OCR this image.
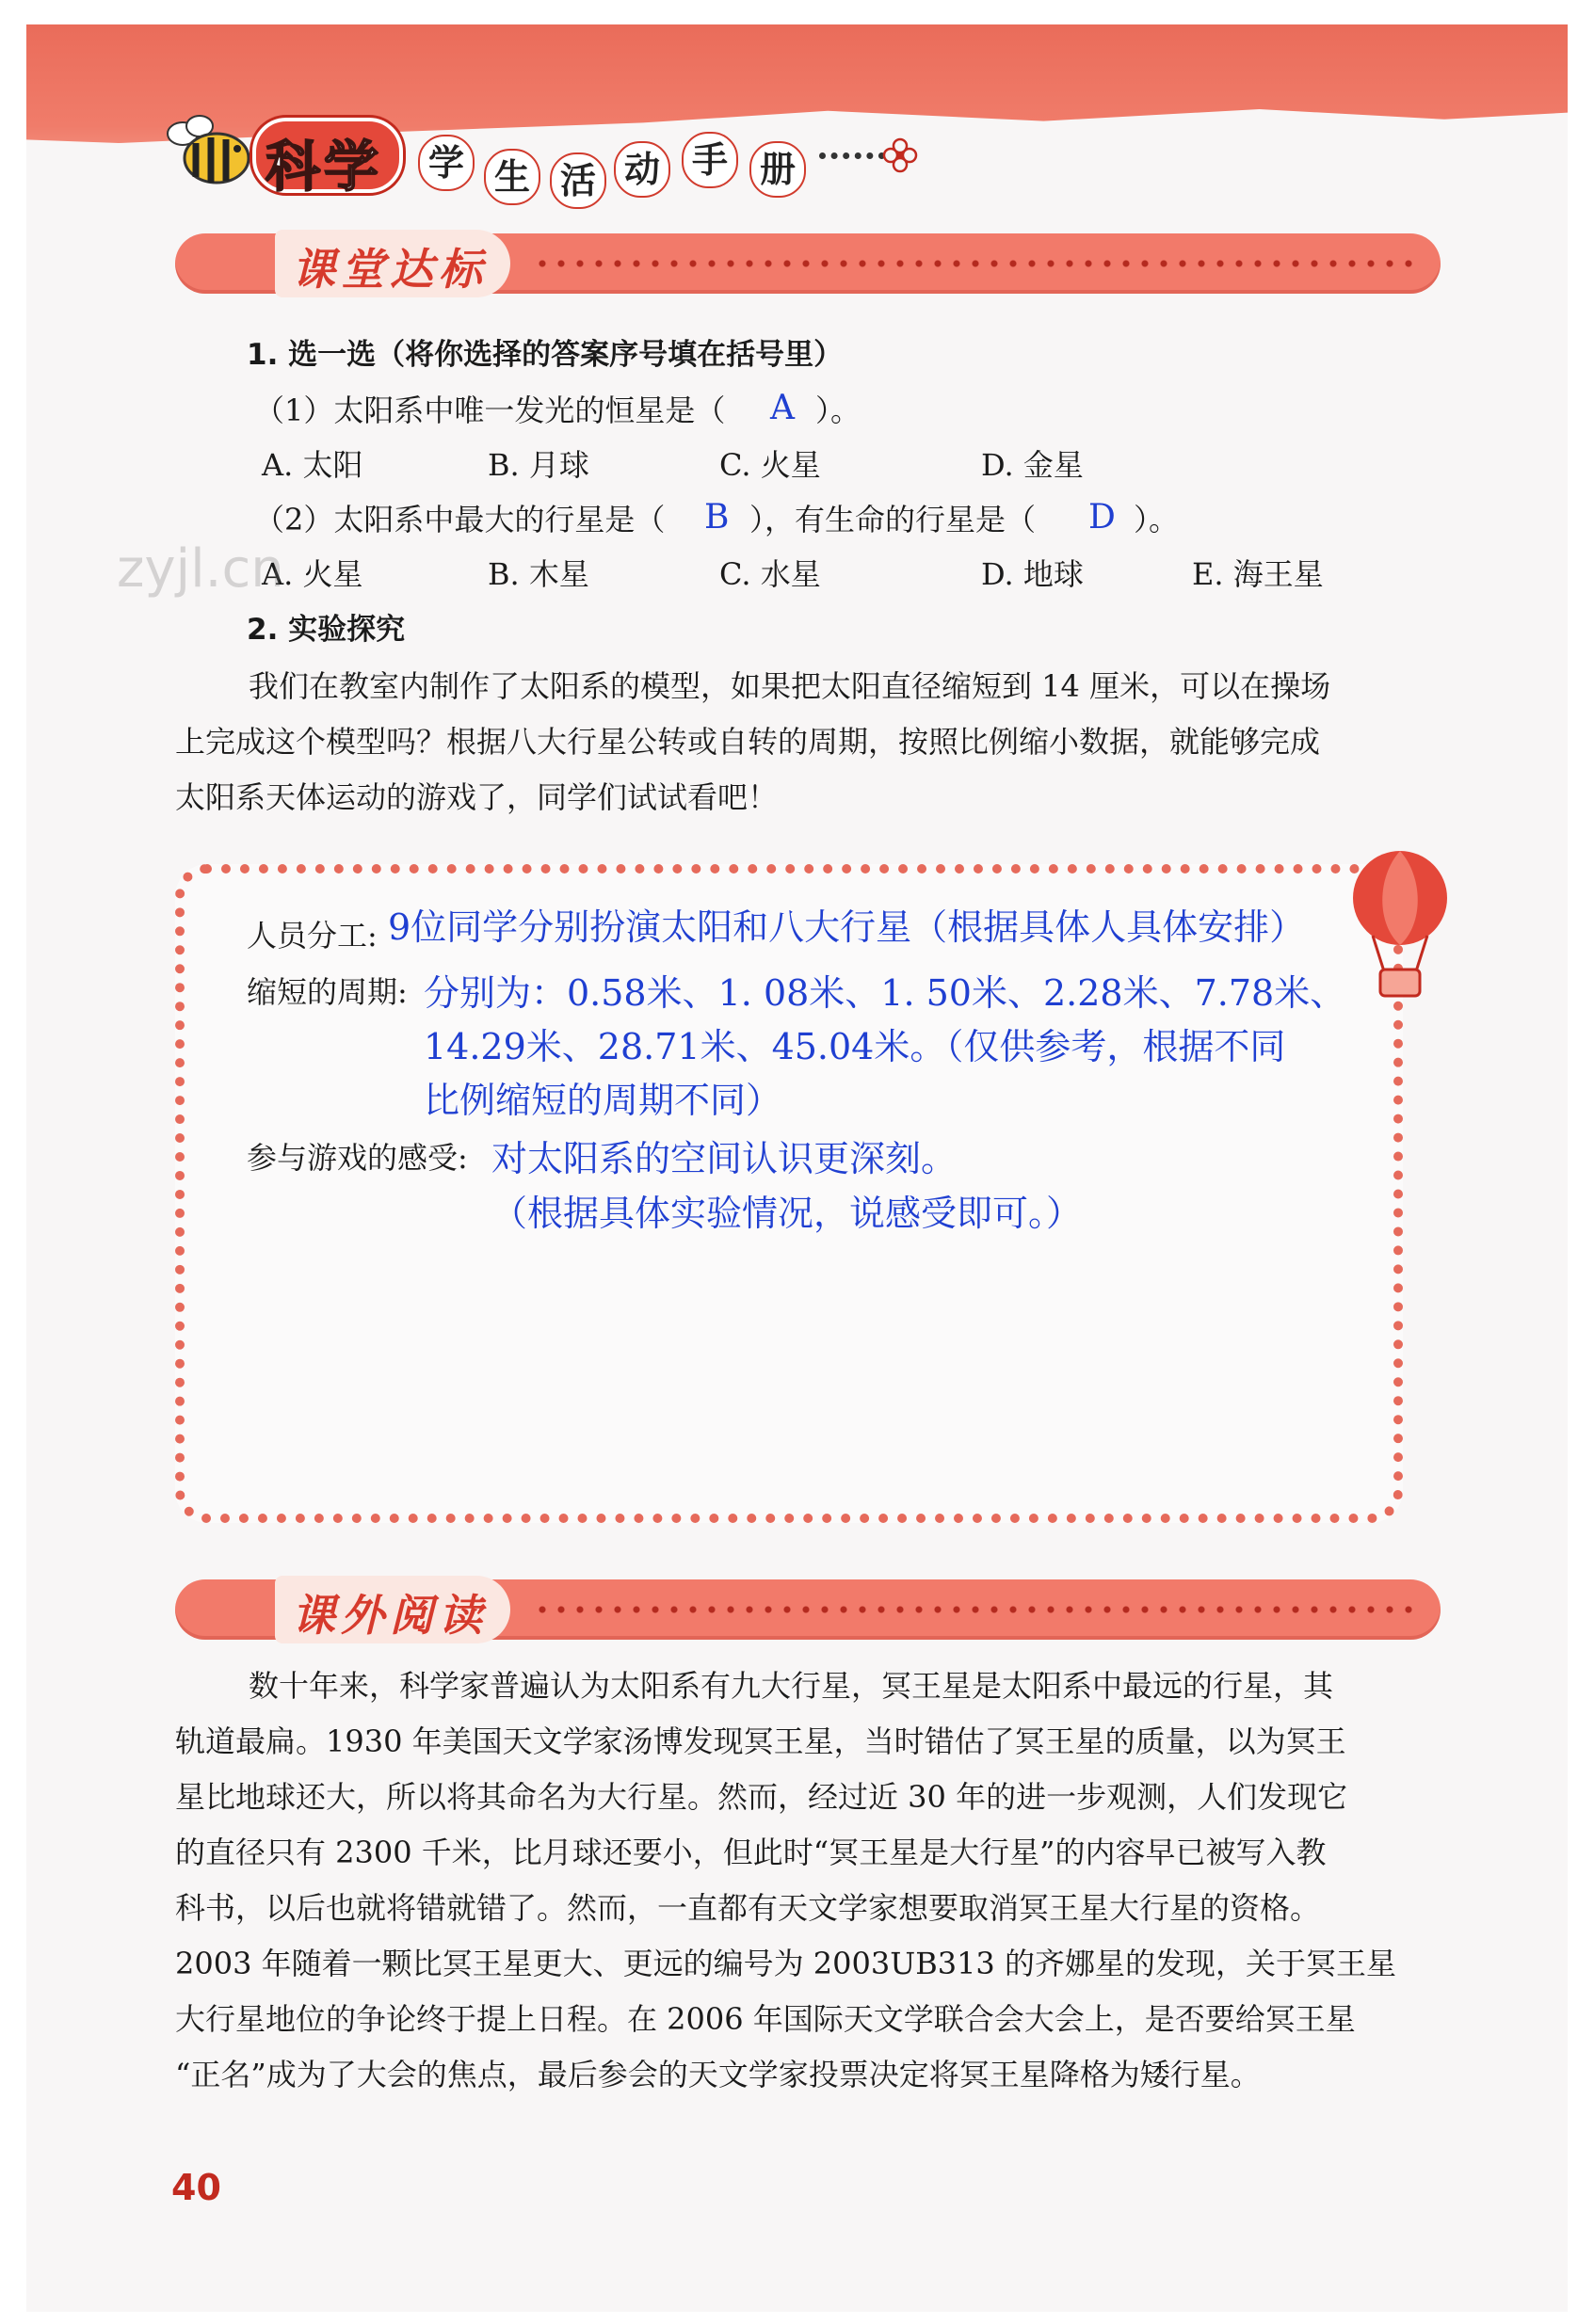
科学 学 生 活 动 手 册
课堂达标
1. 选一选（将你选择的答案序号填在括号里）
（1）太阳系中唯一发光的恒星是（ A ）。
A. 太阳	B. 月球	C. 火星	D. 金星
（2）太阳系中最大的行星是（ B ），有生命的行星是（ D ）。
A. 火星	B. 木星	C. 水星	D. 地球	E. 海王星
zyjl.cn
2. 实验探究

我们在教室内制作了太阳系的模型，如果把太阳直径缩短到 14 厘米，可以在操场

上完成这个模型吗？根据八大行星公转或自转的周期，按照比例缩小数据，就能够完成

太阳系天体运动的游戏了，同学们试试看吧！

人员分工: 9位同学分别扮演太阳和八大行星（根据具体人具体安排）
缩短的周期: 分别为：0.58米、1. 08米、1. 50米、2.28米、7.78米、
14.29米、28.71米、45.04米。（仅供参考，根据不同
比例缩短的周期不同）
参与游戏的感受: 对太阳系的空间认识更深刻。
（根据具体实验情况，说感受即可。）
课外阅读

数十年来，科学家普遍认为太阳系有九大行星，冥王星是太阳系中最远的行星，其

轨道最扁。1930 年美国天文学家汤博发现冥王星，当时错估了冥王星的质量，以为冥王

星比地球还大，所以将其命名为大行星。然而，经过近 30 年的进一步观测，人们发现它

的直径只有 2300 千米，比月球还要小，但此时“冥王星是大行星”的内容早已被写入教

科书，以后也就将错就错了。然而，一直都有天文学家想要取消冥王星大行星的资格。

2003 年随着一颗比冥王星更大、更远的编号为 2003UB313 的齐娜星的发现，关于冥王星

大行星地位的争论终于提上日程。在 2006 年国际天文学联合会大会上，是否要给冥王星

“正名”成为了大会的焦点，最后参会的天文学家投票决定将冥王星降格为矮行星。

40
